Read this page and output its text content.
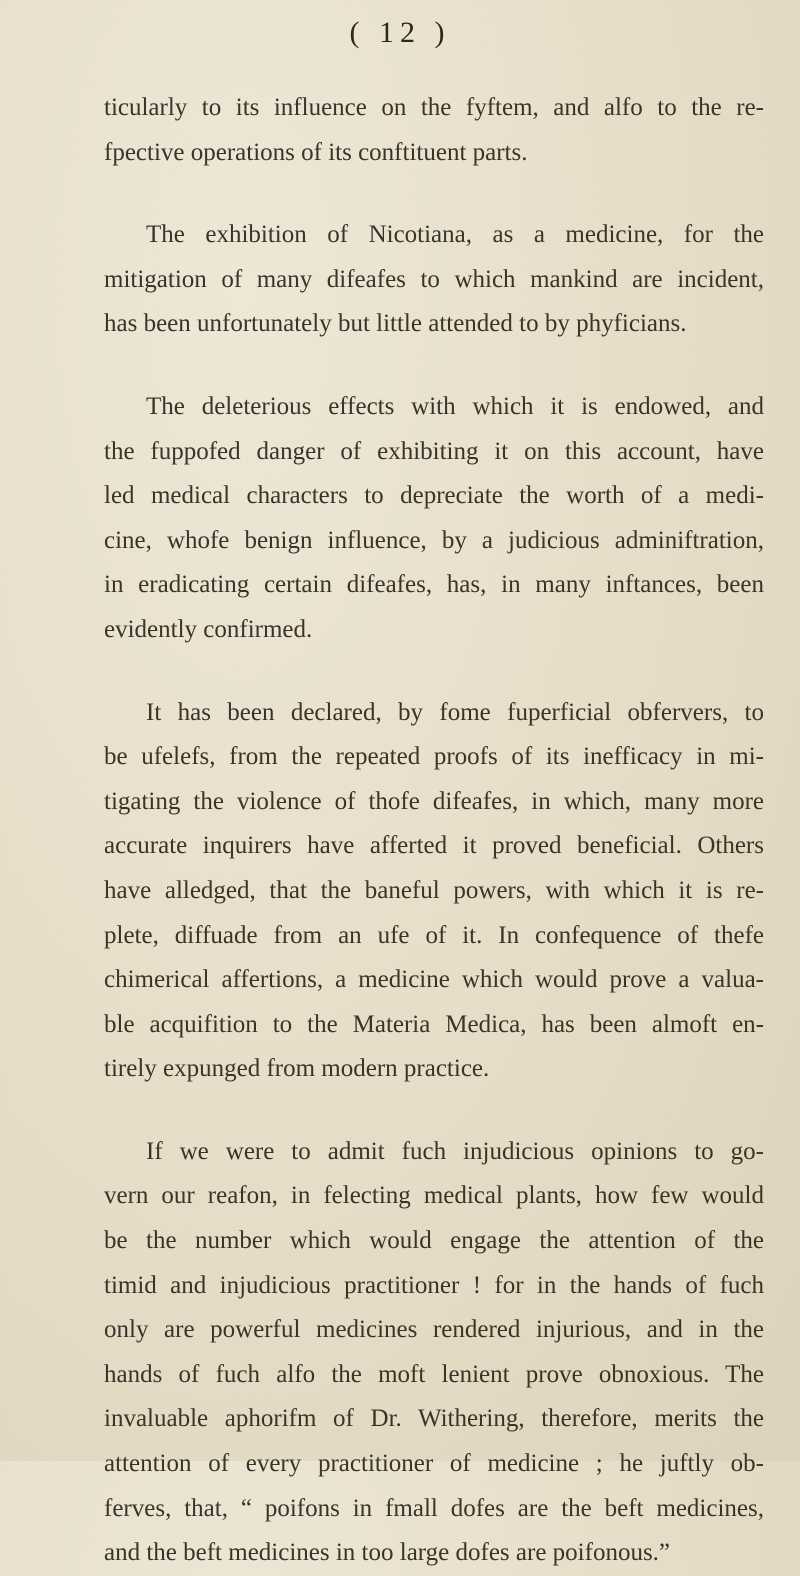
( 12 )

ticularly to its influence on the fyftem, and alfo to the re-
fpective operations of its conftituent parts.

The exhibition of Nicotiana, as a medicine, for the
mitigation of many difeafes to which mankind are incident,
has been unfortunately but little attended to by phyficians.

The deleterious effects with which it is endowed, and
the fuppofed danger of exhibiting it on this account, have
led medical characters to depreciate the worth of a medi-
cine, whofe benign influence, by a judicious adminiftration,
in eradicating certain difeafes, has, in many inftances, been
evidently confirmed.

It has been declared, by fome fuperficial obfervers, to
be ufelefs, from the repeated proofs of its inefficacy in mi-
tigating the violence of thofe difeafes, in which, many more
accurate inquirers have afferted it proved beneficial. Others
have alledged, that the baneful powers, with which it is re-
plete, diffuade from an ufe of it. In confequence of thefe
chimerical affertions, a medicine which would prove a valua-
ble acquifition to the Materia Medica, has been almoft en-
tirely expunged from modern practice.

If we were to admit fuch injudicious opinions to go-
vern our reafon, in felecting medical plants, how few would
be the number which would engage the attention of the
timid and injudicious practitioner ! for in the hands of fuch
only are powerful medicines rendered injurious, and in the
hands of fuch alfo the moft lenient prove obnoxious. The
invaluable aphorifm of Dr. Withering, therefore, merits the
attention of every practitioner of medicine ; he juftly ob-
ferves, that, “ poifons in fmall dofes are the beft medicines,
and the beft medicines in too large dofes are poifonous.”
